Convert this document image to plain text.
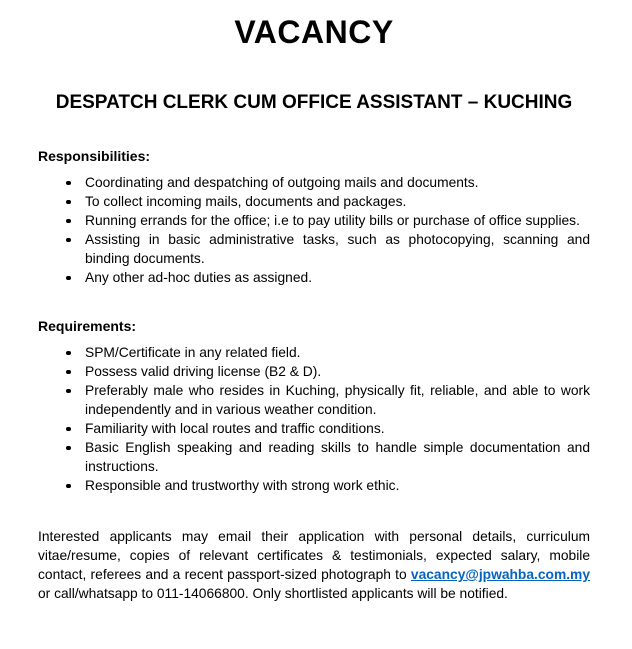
VACANCY
DESPATCH CLERK CUM OFFICE ASSISTANT – KUCHING
Responsibilities:
Coordinating and despatching of outgoing mails and documents.
To collect incoming mails, documents and packages.
Running errands for the office; i.e to pay utility bills or purchase of office supplies.
Assisting in basic administrative tasks, such as photocopying, scanning and binding documents.
Any other ad-hoc duties as assigned.
Requirements:
SPM/Certificate in any related field.
Possess valid driving license (B2 & D).
Preferably male who resides in Kuching, physically fit, reliable, and able to work independently and in various weather condition.
Familiarity with local routes and traffic conditions.
Basic English speaking and reading skills to handle simple documentation and instructions.
Responsible and trustworthy with strong work ethic.

Interested applicants may email their application with personal details, curriculum vitae/resume, copies of relevant certificates & testimonials, expected salary, mobile contact, referees and a recent passport-sized photograph to vacancy@jpwahba.com.my or call/whatsapp to 011-14066800. Only shortlisted applicants will be notified.
